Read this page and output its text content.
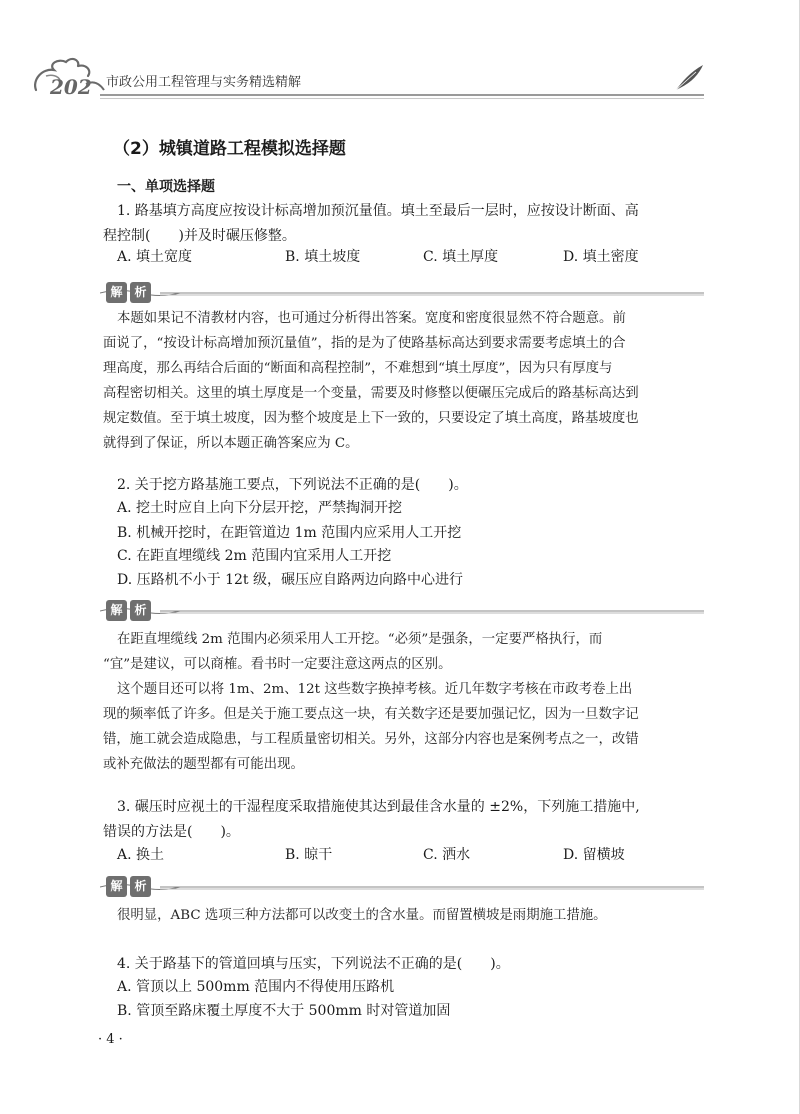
202 市政公用工程管理与实务精选精解
（2）城镇道路工程模拟选择题
一、单项选择题
1. 路基填方高度应按设计标高增加预沉量值。填土至最后一层时，应按设计断面、高
程控制(　　)并及时碾压修整。
A. 填土宽度	B. 填土坡度	C. 填土厚度	D. 填土密度
解 析
本题如果记不清教材内容，也可通过分析得出答案。宽度和密度很显然不符合题意。前
面说了，“按设计标高增加预沉量值”，指的是为了使路基标高达到要求需要考虑填土的合
理高度，那么再结合后面的“断面和高程控制”，不难想到“填土厚度”，因为只有厚度与
高程密切相关。这里的填土厚度是一个变量，需要及时修整以便碾压完成后的路基标高达到
规定数值。至于填土坡度，因为整个坡度是上下一致的，只要设定了填土高度，路基坡度也
就得到了保证，所以本题正确答案应为 C。
2. 关于挖方路基施工要点，下列说法不正确的是(　　)。
A. 挖土时应自上向下分层开挖，严禁掏洞开挖
B. 机械开挖时，在距管道边 1m 范围内应采用人工开挖
C. 在距直埋缆线 2m 范围内宜采用人工开挖
D. 压路机不小于 12t 级，碾压应自路两边向路中心进行
解 析
在距直埋缆线 2m 范围内必须采用人工开挖。“必须”是强条，一定要严格执行，而
“宜”是建议，可以商榷。看书时一定要注意这两点的区别。
这个题目还可以将 1m、2m、12t 这些数字换掉考核。近几年数字考核在市政考卷上出
现的频率低了许多。但是关于施工要点这一块，有关数字还是要加强记忆，因为一旦数字记
错，施工就会造成隐患，与工程质量密切相关。另外，这部分内容也是案例考点之一，改错
或补充做法的题型都有可能出现。
3. 碾压时应视土的干湿程度采取措施使其达到最佳含水量的 ±2%，下列施工措施中,
错误的方法是(　　)。
A. 换土	B. 晾干	C. 洒水	D. 留横坡
解 析
很明显，ABC 选项三种方法都可以改变土的含水量。而留置横坡是雨期施工措施。
4. 关于路基下的管道回填与压实，下列说法不正确的是(　　)。
A. 管顶以上 500mm 范围内不得使用压路机
B. 管顶至路床覆土厚度不大于 500mm 时对管道加固
· 4 ·
